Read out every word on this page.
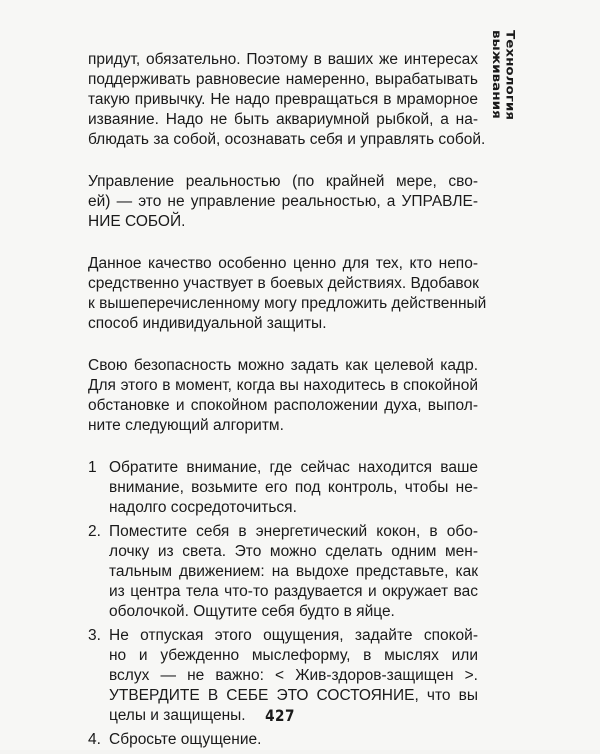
Технология выживания

придут, обязательно. Поэтому в ваших же интересах
поддерживать равновесие намеренно, вырабатывать
такую привычку. Не надо превращаться в мраморное
изваяние. Надо не быть аквариумной рыбкой, а на-
блюдать за собой, осознавать себя и управлять собой.

Управление реальностью (по крайней мере, сво-
ей) — это не управление реальностью, а УПРАВЛЕ-
НИЕ СОБОЙ.

Данное качество особенно ценно для тех, кто непо-
средственно участвует в боевых действиях. Вдобавок
к вышеперечисленному могу предложить действенный
способ индивидуальной защиты.

Свою безопасность можно задать как целевой кадр.
Для этого в момент, когда вы находитесь в спокойной
обстановке и спокойном расположении духа, выпол-
ните следующий алгоритм.

1 Обратите внимание, где сейчас находится ваше
внимание, возьмите его под контроль, чтобы не-
надолго сосредоточиться.
2. Поместите себя в энергетический кокон, в обо-
лочку из света. Это можно сделать одним мен-
тальным движением: на выдохе представьте, как
из центра тела что-то раздувается и окружает вас
оболочкой. Ощутите себя будто в яйце.
3. Не отпуская этого ощущения, задайте спокой-
но и убежденно мыслеформу, в мыслях или
вслух — не важно: < Жив-здоров-защищен >.
УТВЕРДИТЕ В СЕБЕ ЭТО СОСТОЯНИЕ, что вы
целы и защищены.
4. Сбросьте ощущение.
427
